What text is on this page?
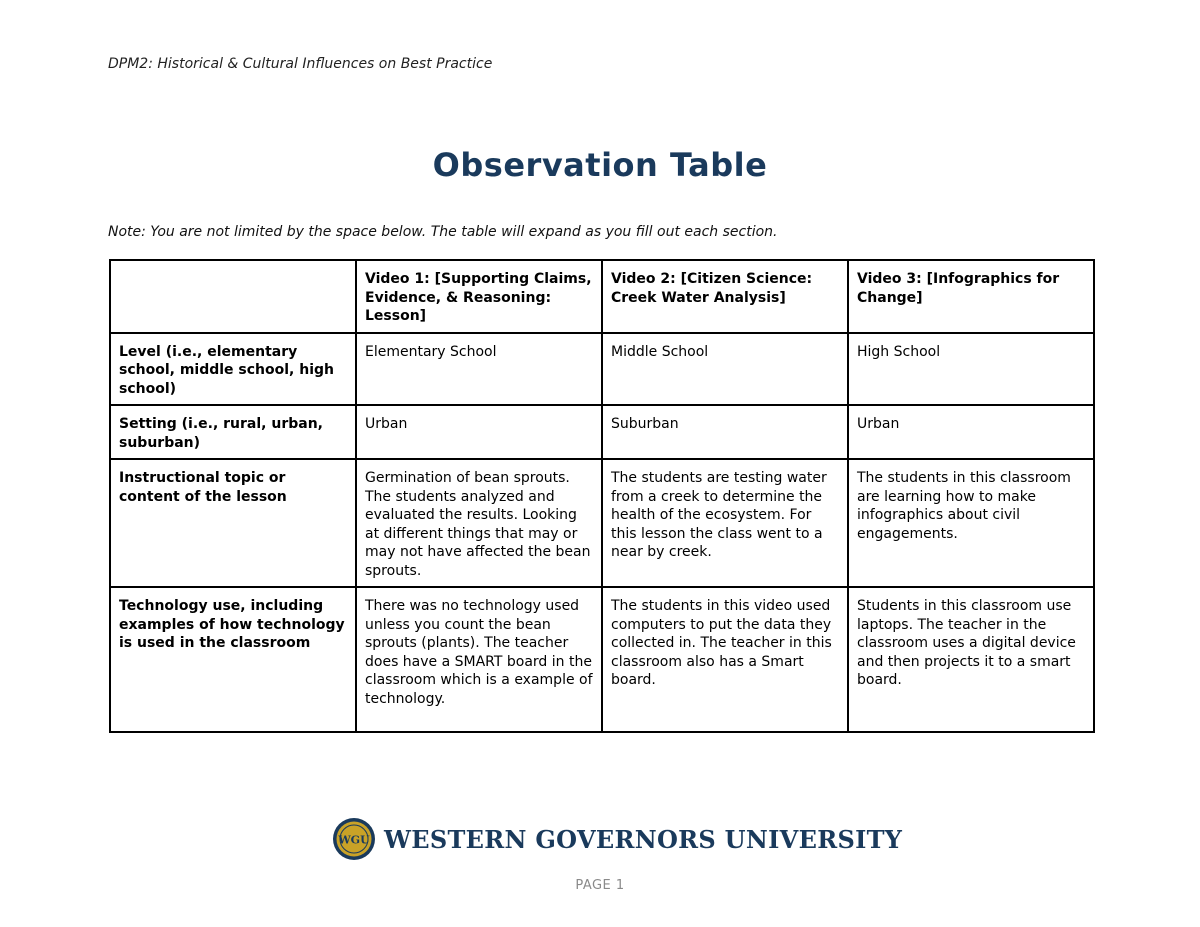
DPM2: Historical & Cultural Influences on Best Practice
Observation Table
Note: You are not limited by the space below. The table will expand as you fill out each section.
	Video 1: [Supporting Claims, Evidence, & Reasoning: Lesson]	Video 2: [Citizen Science: Creek Water Analysis]	Video 3: [Infographics for Change]
Level (i.e., elementary school, middle school, high school)	Elementary School	Middle School	High School
Setting (i.e., rural, urban, suburban)	Urban	Suburban	Urban
Instructional topic or content of the lesson	Germination of bean sprouts. The students analyzed and evaluated the results. Looking at different things that may or may not have affected the bean sprouts.	The students are testing water from a creek to determine the health of the ecosystem. For this lesson the class went to a near by creek.	The students in this classroom are learning how to make infographics about civil engagements.
Technology use, including examples of how technology is used in the classroom	There was no technology used unless you count the bean sprouts (plants). The teacher does have a SMART board in the classroom which is a example of technology.	The students in this video used computers to put the data they collected in. The teacher in this classroom also has a Smart board.	Students in this classroom use laptops. The teacher in the classroom uses a digital device and then projects it to a smart board.
WGU WESTERN GOVERNORS UNIVERSITY
PAGE 1
